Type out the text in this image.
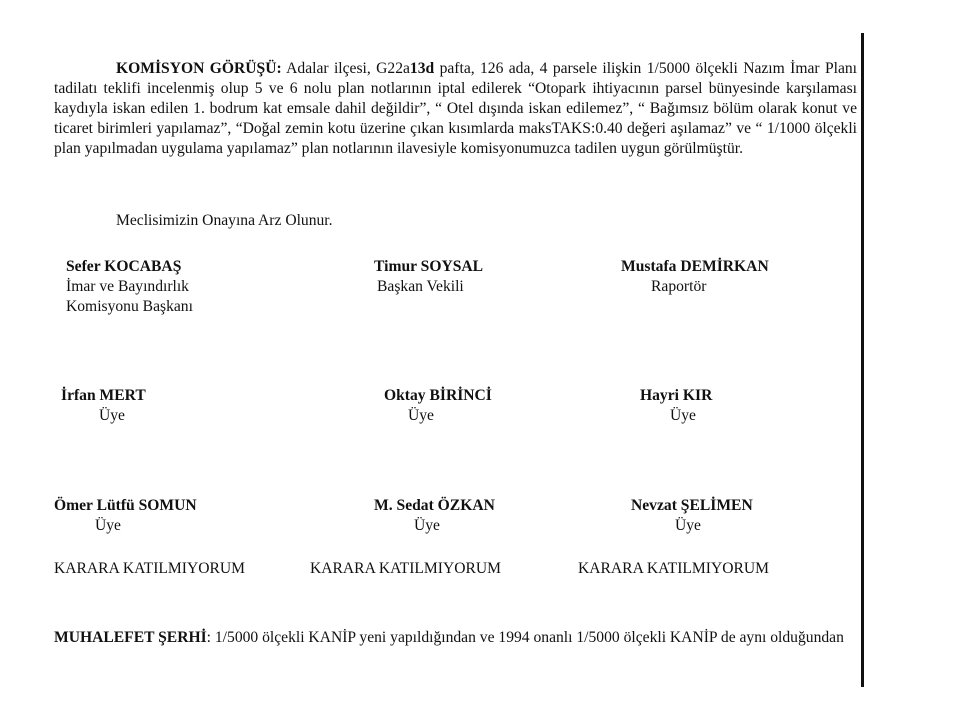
KOMİSYON GÖRÜŞÜ: Adalar ilçesi, G22a13d pafta, 126 ada, 4 parsele ilişkin 1/5000 ölçekli Nazım İmar Planı tadilatı teklifi incelenmiş olup 5 ve 6 nolu plan notlarının iptal edilerek “Otopark ihtiyacının parsel bünyesinde karşılaması kaydıyla iskan edilen 1. bodrum kat emsale dahil değildir”, “ Otel dışında iskan edilemez”, “ Bağımsız bölüm olarak konut ve ticaret birimleri yapılamaz”, “Doğal zemin kotu üzerine çıkan kısımlarda maksTAKS:0.40 değeri aşılamaz” ve “ 1/1000 ölçekli plan yapılmadan uygulama yapılamaz” plan notlarının ilavesiyle komisyonumuzca tadilen uygun görülmüştür.

Meclisimizin Onayına Arz Olunur.

Sefer KOCABAŞ
İmar ve Bayındırlık
Komisyonu Başkanı
Timur SOYSAL
Başkan Vekili
Mustafa DEMİRKAN
Raportör
İrfan MERT
Üye
Oktay BİRİNCİ
Üye
Hayri KIR
Üye
Ömer Lütfü SOMUN
Üye
M. Sedat ÖZKAN
Üye
Nevzat ŞELİMEN
Üye
KARARA KATILMIYORUM	KARARA KATILMIYORUM	KARARA KATILMIYORUM

MUHALEFET ŞERHİ: 1/5000 ölçekli KANİP yeni yapıldığından ve 1994 onanlı 1/5000 ölçekli KANİP de aynı olduğundan
